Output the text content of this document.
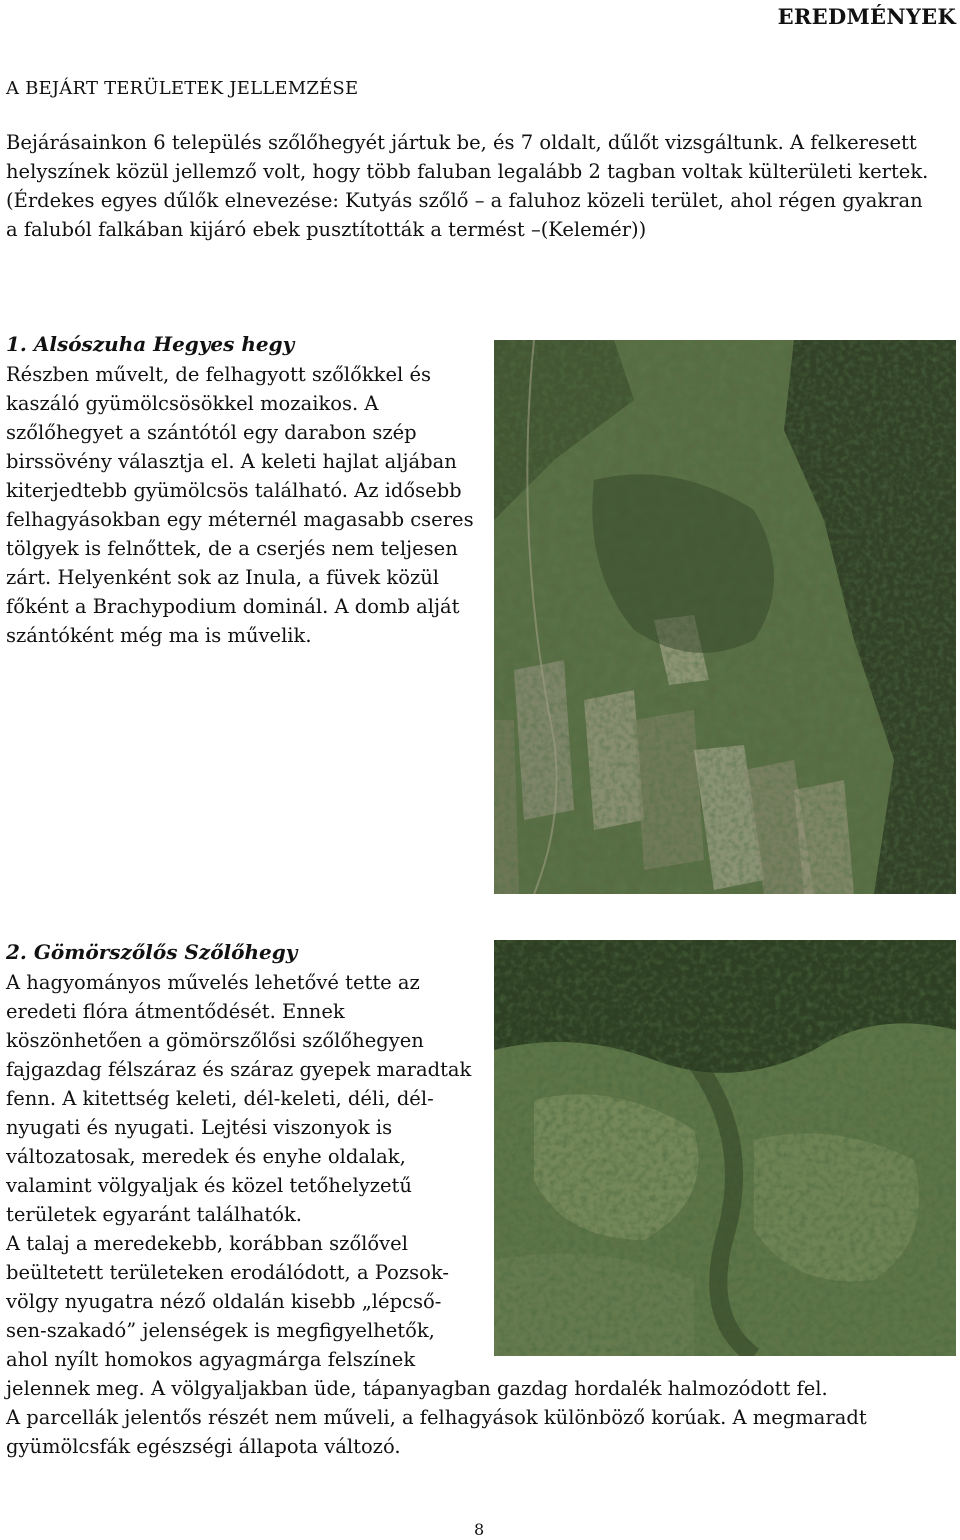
EREDMÉNYEK
A BEJÁRT TERÜLETEK JELLEMZÉSE
Bejárásainkon 6 település szőlőhegyét jártuk be, és 7 oldalt, dűlőt vizsgáltunk. A felkeresett
helyszínek közül jellemző volt, hogy több faluban legalább 2 tagban voltak külterületi kertek.
(Érdekes egyes dűlők elnevezése: Kutyás szőlő – a faluhoz közeli terület, ahol régen gyakran
a faluból falkában kijáró ebek pusztították a termést –(Kelemér))
1. Alsószuha Hegyes hegy
Részben művelt, de felhagyott szőlőkkel és
kaszáló gyümölcsösökkel mozaikos. A
szőlőhegyet a szántótól egy darabon szép
birssövény választja el. A keleti hajlat aljában
kiterjedtebb gyümölcsös található. Az idősebb
felhagyásokban egy méternél magasabb cseres
tölgyek is felnőttek, de a cserjés nem teljesen
zárt. Helyenként sok az Inula, a füvek közül
főként a Brachypodium dominál. A domb alját
szántóként még ma is művelik.
2. Gömörszőlős Szőlőhegy
A hagyományos művelés lehetővé tette az
eredeti flóra átmentődését. Ennek
köszönhetően a gömörszőlősi szőlőhegyen
fajgazdag félszáraz és száraz gyepek maradtak
fenn. A kitettség keleti, dél-keleti, déli, dél-
nyugati és nyugati. Lejtési viszonyok is
változatosak, meredek és enyhe oldalak,
valamint völgyaljak és közel tetőhelyzetű
területek egyaránt találhatók.
A talaj a meredekebb, korábban szőlővel
beültetett területeken erodálódott, a Pozsok-
völgy nyugatra néző oldalán kisebb „lépcső-
sen-szakadó” jelenségek is megfigyelhetők,
ahol nyílt homokos agyagmárga felszínek
jelennek meg. A völgyaljakban üde, tápanyagban gazdag hordalék halmozódott fel.
A parcellák jelentős részét nem műveli, a felhagyások különböző korúak. A megmaradt
gyümölcsfák egészségi állapota változó.
8
